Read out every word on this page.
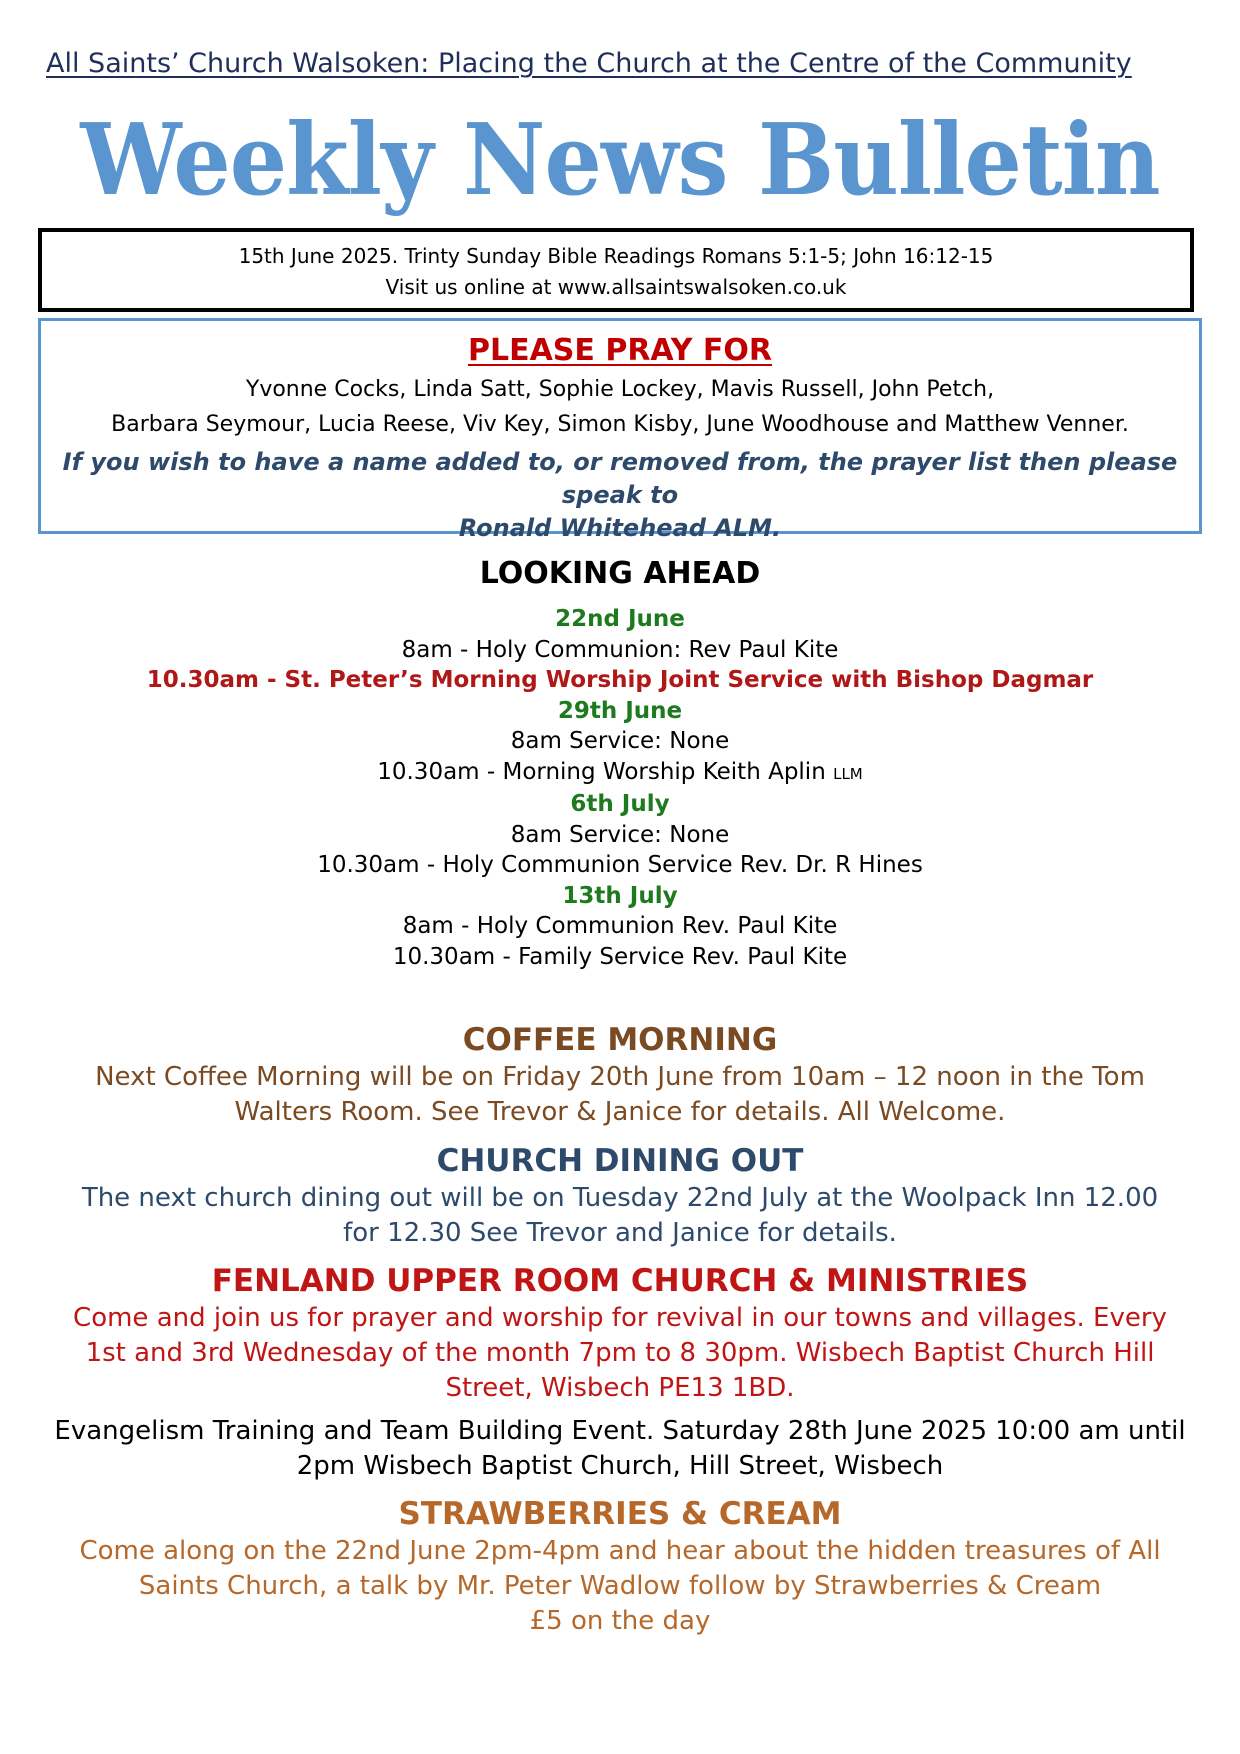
All Saints’ Church Walsoken: Placing the Church at the Centre of the Community
Weekly News Bulletin
15th June 2025. Trinty Sunday Bible Readings Romans 5:1-5; John 16:12-15
Visit us online at www.allsaintswalsoken.co.uk
PLEASE PRAY FOR
Yvonne Cocks, Linda Satt, Sophie Lockey, Mavis Russell, John Petch,
Barbara Seymour, Lucia Reese, Viv Key, Simon Kisby, June Woodhouse and Matthew Venner.
If you wish to have a name added to, or removed from, the prayer list then please speak to
Ronald Whitehead ALM.
LOOKING AHEAD
22nd June
8am - Holy Communion: Rev Paul Kite
10.30am - St. Peter’s Morning Worship Joint Service with Bishop Dagmar
29th June
8am Service: None
10.30am - Morning Worship Keith Aplin LLM
6th July
8am Service: None
10.30am - Holy Communion Service Rev. Dr. R Hines
13th July
8am - Holy Communion Rev. Paul Kite
10.30am - Family Service Rev. Paul Kite
COFFEE MORNING
Next Coffee Morning will be on Friday 20th June from 10am – 12 noon in the Tom
Walters Room. See Trevor & Janice for details. All Welcome.
CHURCH DINING OUT
The next church dining out will be on Tuesday 22nd July at the Woolpack Inn 12.00
for 12.30 See Trevor and Janice for details.
FENLAND UPPER ROOM CHURCH & MINISTRIES
Come and join us for prayer and worship for revival in our towns and villages. Every
1st and 3rd Wednesday of the month 7pm to 8 30pm. Wisbech Baptist Church Hill
Street, Wisbech PE13 1BD.
Evangelism Training and Team Building Event. Saturday 28th June 2025 10:00 am until
2pm Wisbech Baptist Church, Hill Street, Wisbech
STRAWBERRIES & CREAM
Come along on the 22nd June 2pm-4pm and hear about the hidden treasures of All
Saints Church, a talk by Mr. Peter Wadlow follow by Strawberries & Cream
£5 on the day
